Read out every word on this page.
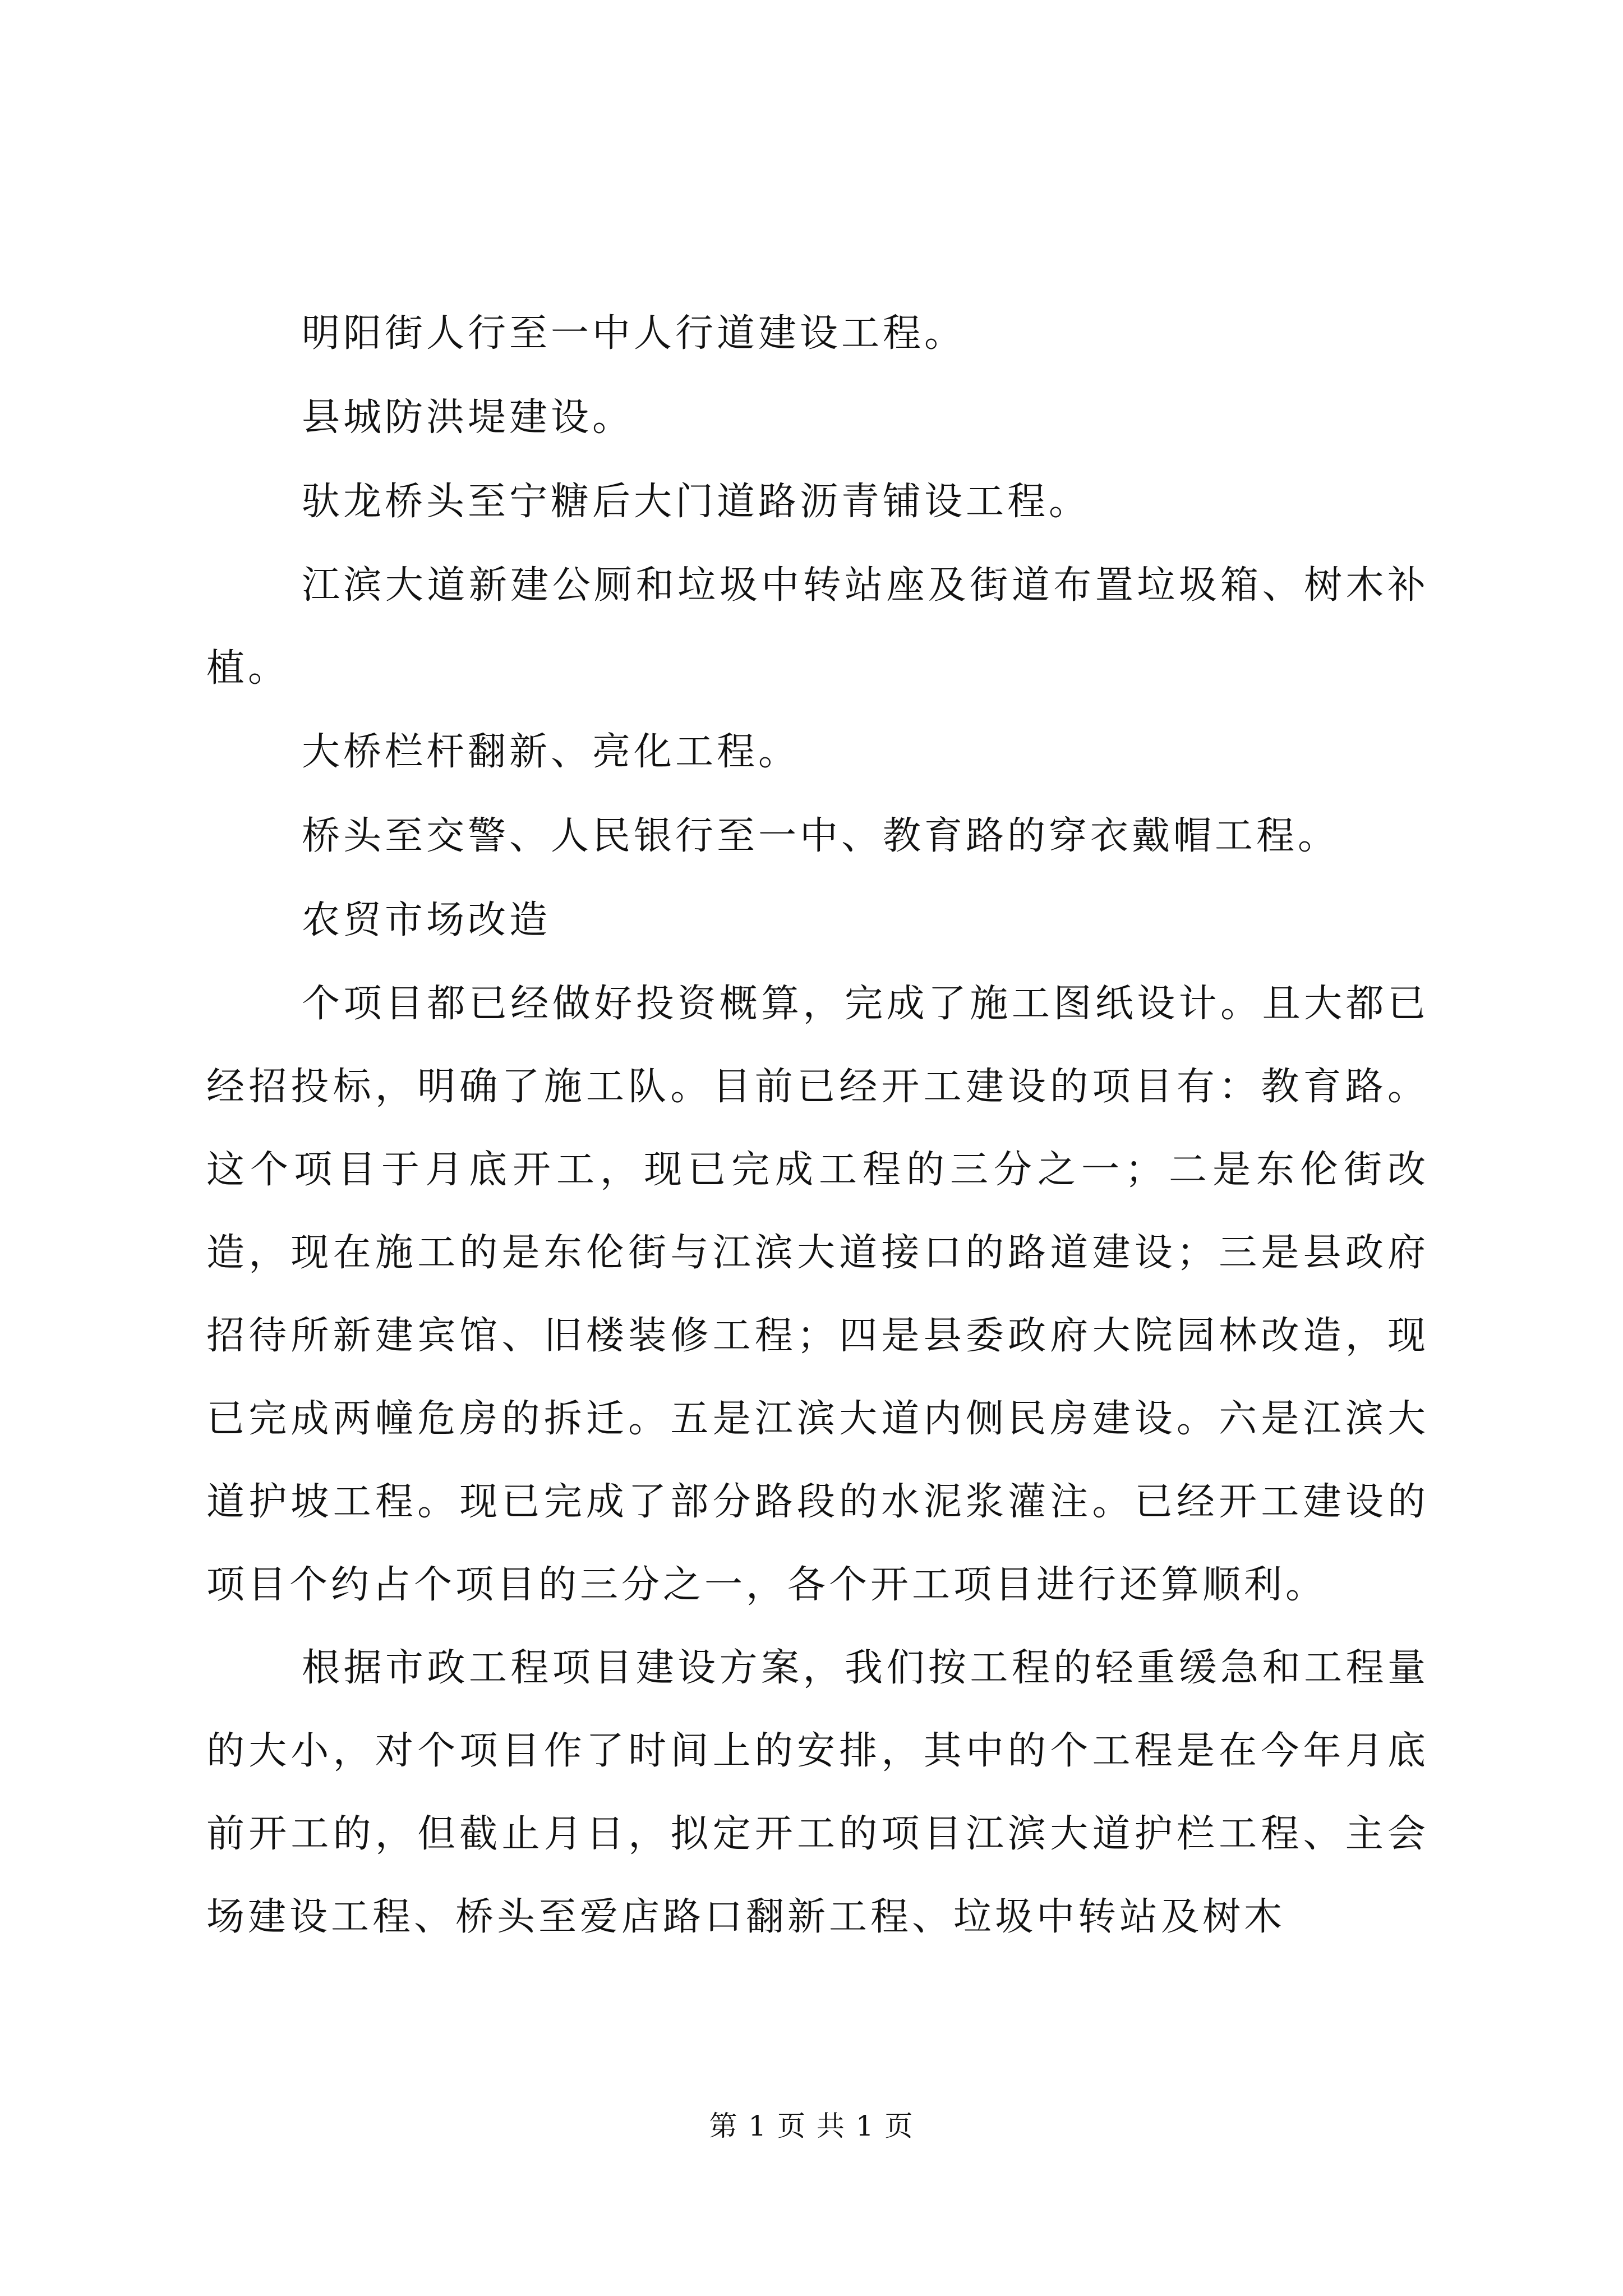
明阳街人行至一中人行道建设工程。

县城防洪堤建设。

驮龙桥头至宁糖后大门道路沥青铺设工程。

江滨大道新建公厕和垃圾中转站座及街道布置垃圾箱、树木补植。

大桥栏杆翻新、亮化工程。

桥头至交警、人民银行至一中、教育路的穿衣戴帽工程。

农贸市场改造

个项目都已经做好投资概算，完成了施工图纸设计。且大都已经招投标，明确了施工队。目前已经开工建设的项目有：教育路。这个项目于月底开工，现已完成工程的三分之一；二是东伦街改造，现在施工的是东伦街与江滨大道接口的路道建设；三是县政府招待所新建宾馆、旧楼装修工程；四是县委政府大院园林改造，现已完成两幢危房的拆迁。五是江滨大道内侧民房建设。六是江滨大道护坡工程。现已完成了部分路段的水泥浆灌注。已经开工建设的项目个约占个项目的三分之一，各个开工项目进行还算顺利。

根据市政工程项目建设方案，我们按工程的轻重缓急和工程量的大小，对个项目作了时间上的安排，其中的个工程是在今年月底前开工的，但截止月日，拟定开工的项目江滨大道护栏工程、主会场建设工程、桥头至爱店路口翻新工程、垃圾中转站及树木

第 1 页 共 1 页
